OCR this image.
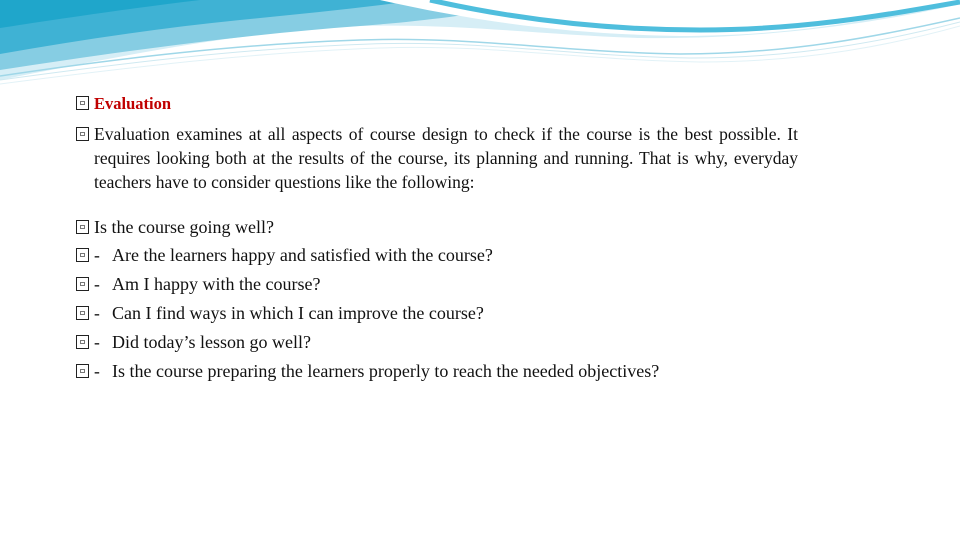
Evaluation
Evaluation examines at all aspects of course design to check if the course is the best possible. It requires looking both at the results of the course, its planning and running. That is why, everyday teachers have to consider questions like the following:
Is the course going well?
- Are the learners happy and satisfied with the course?
- Am I happy with the course?
- Can I find ways in which I can improve the course?
- Did today’s lesson go well?
- Is the course preparing the learners properly to reach the needed objectives?
